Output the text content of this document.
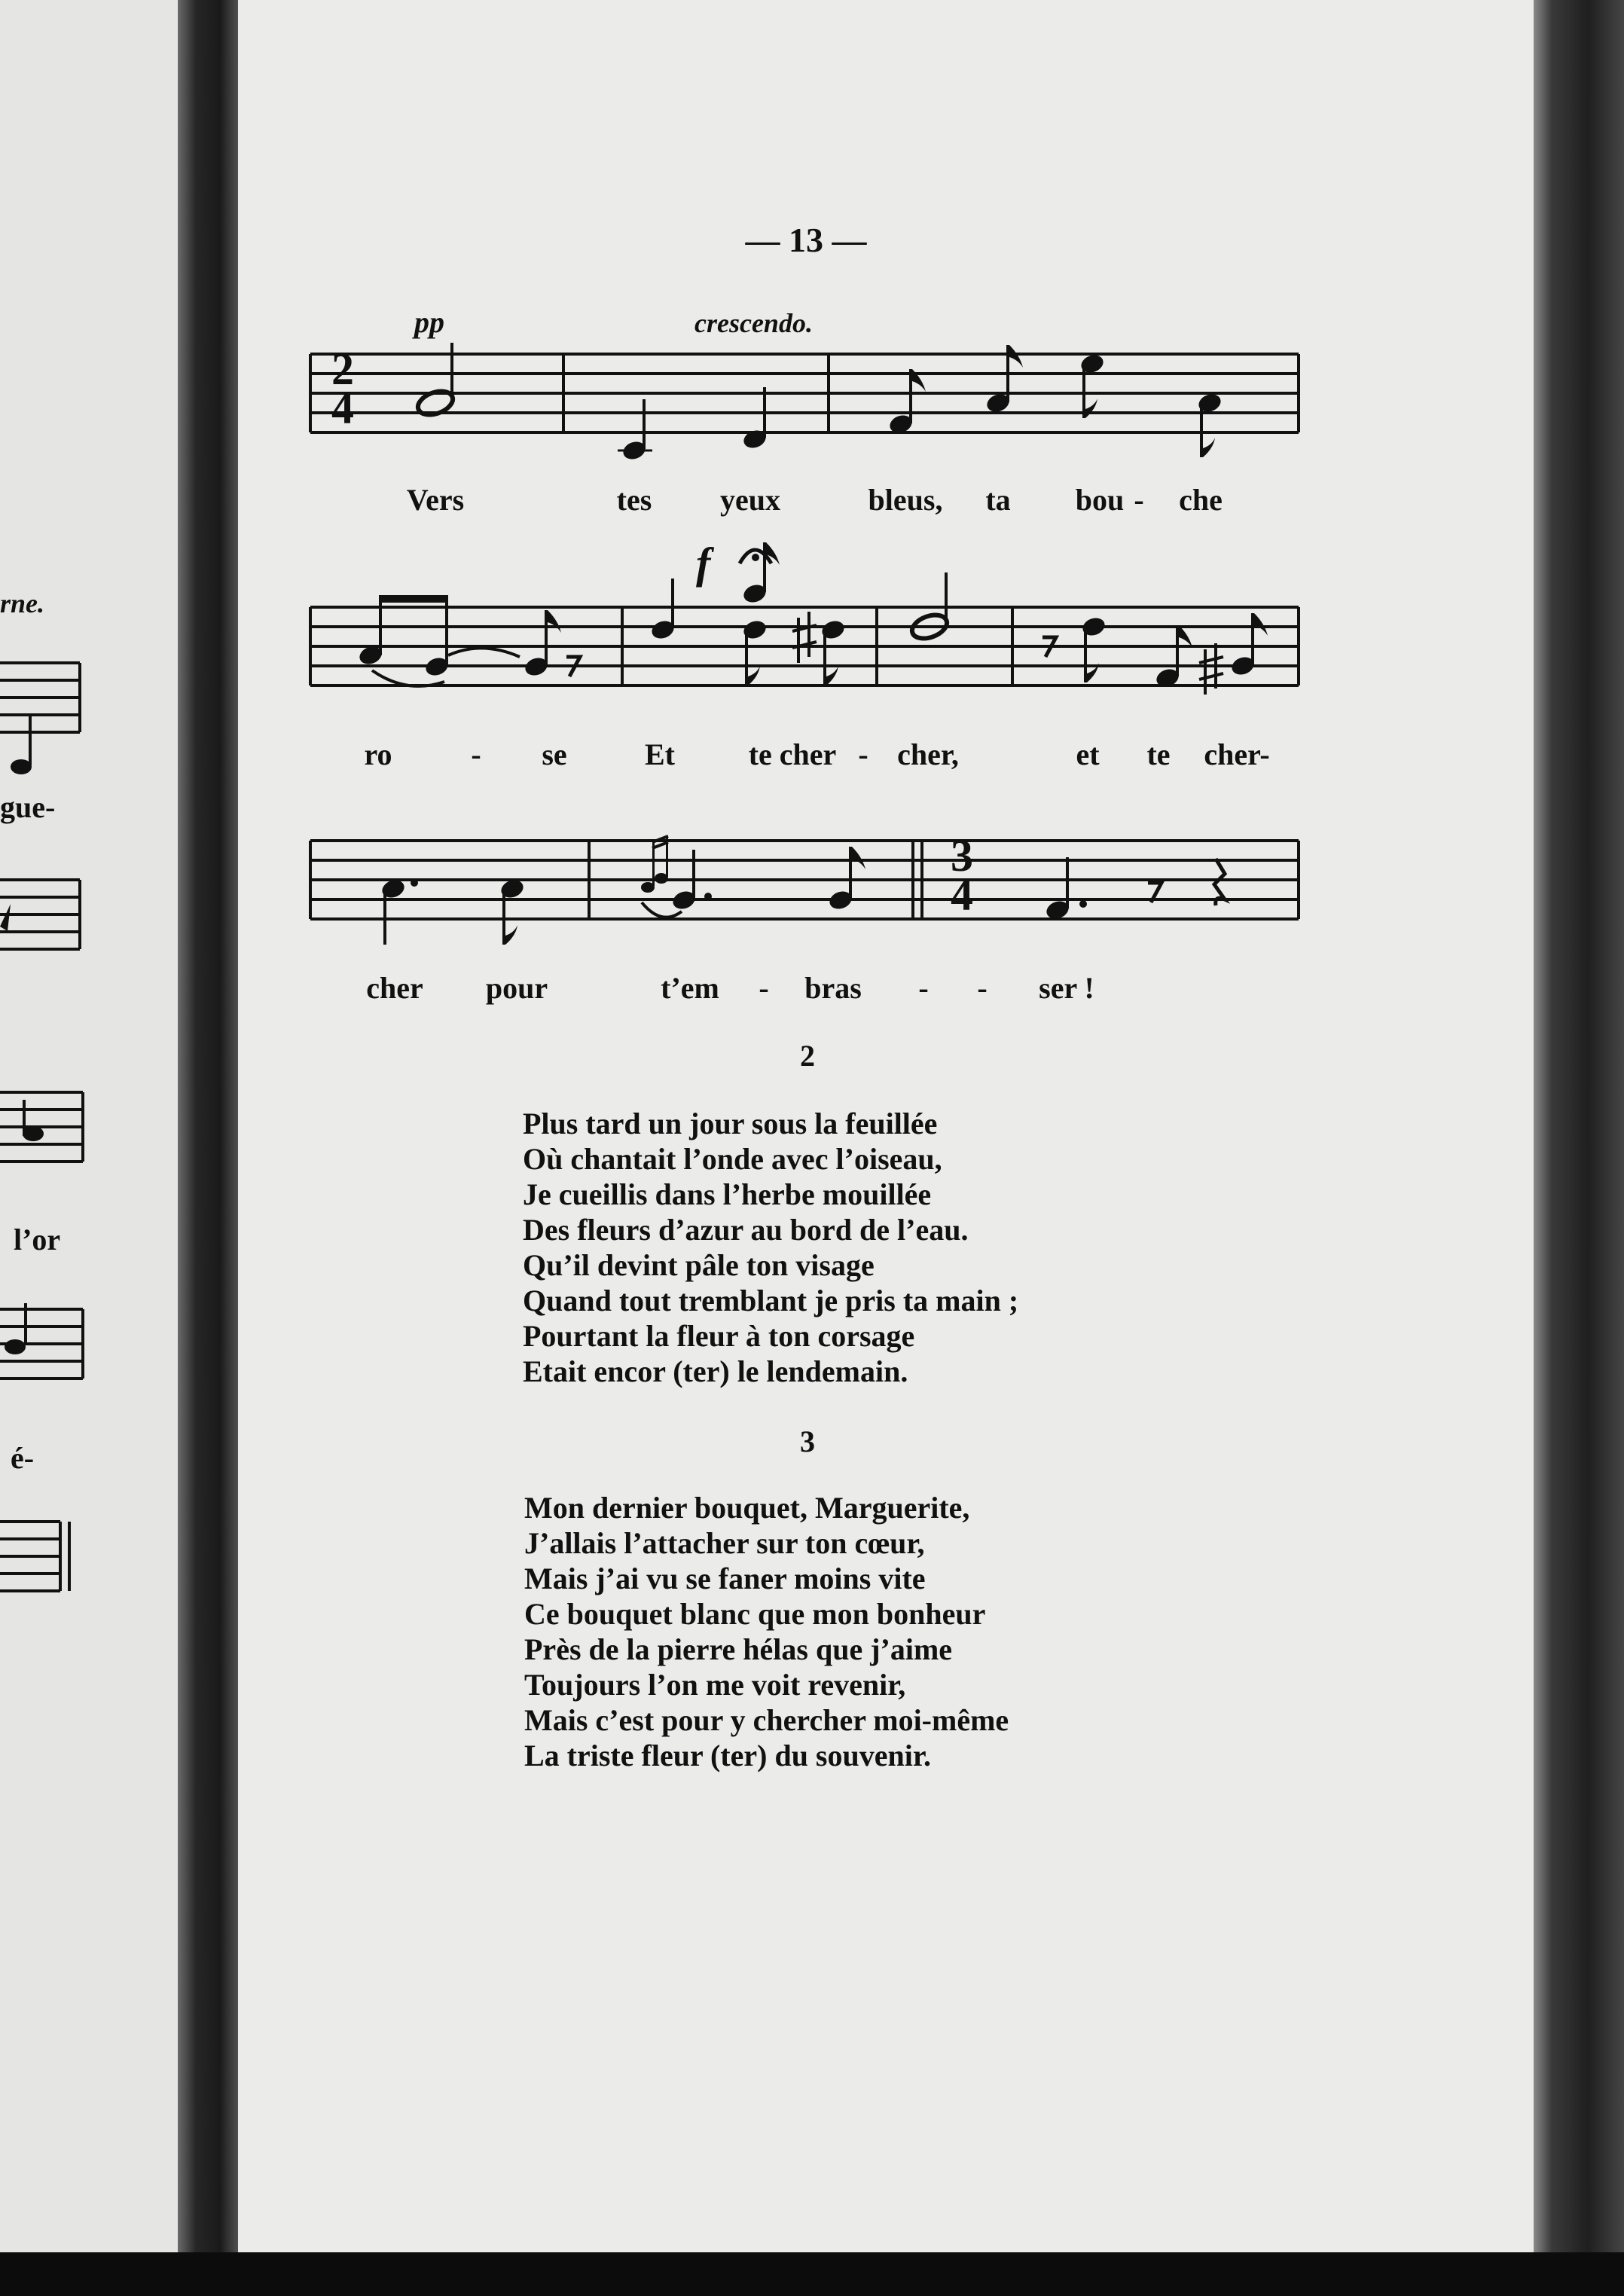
rne.
gue-
l’or
é-
— 13 —
pp	crescendo.
f
2
4
3
4
Vers	tes yeux	bleus, ta bou - che
ro	- se	Et te cher - cher,	et te cher-
cher pour	t’em - bras - - ser !
2
Plus tard un jour sous la feuillée
Où chantait l’onde avec l’oiseau,
Je cueillis dans l’herbe mouillée
Des fleurs d’azur au bord de l’eau.
Qu’il devint pâle ton visage
Quand tout tremblant je pris ta main ;
Pourtant la fleur à ton corsage
Etait encor (ter) le lendemain.
3
Mon dernier bouquet, Marguerite,
J’allais l’attacher sur ton cœur,
Mais j’ai vu se faner moins vite
Ce bouquet blanc que mon bonheur
Près de la pierre hélas que j’aime
Toujours l’on me voit revenir,
Mais c’est pour y chercher moi-même
La triste fleur (ter) du souvenir.
